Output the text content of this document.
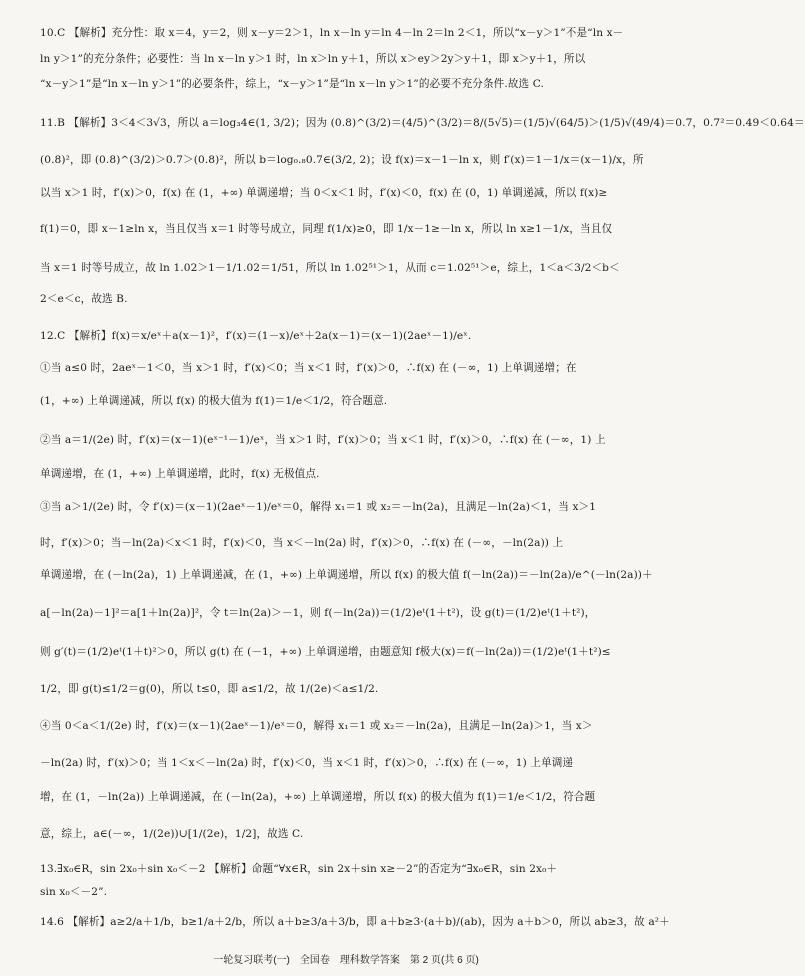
10.C 【解析】充分性：取 x＝4，y＝2，则 x－y＝2＞1，ln x－ln y＝ln 4－ln 2＝ln 2＜1，所以“x－y＞1”不是“ln x－
ln y＞1”的充分条件；必要性：当 ln x－ln y＞1 时，ln x＞ln y＋1，所以 x＞ey＞2y＞y＋1，即 x＞y＋1，所以
“x－y＞1”是“ln x－ln y＞1”的必要条件，综上，“x－y＞1”是“ln x－ln y＞1”的必要不充分条件.故选 C.
11.B 【解析】3＜4＜3√3，所以 a＝log₃4∈(1, 3/2)；因为 (0.8)^(3/2)＝(4/5)^(3/2)＝8/(5√5)＝(1/5)√(64/5)＞(1/5)√(49/4)＝0.7，0.7²＝0.49＜0.64＝
(0.8)²，即 (0.8)^(3/2)＞0.7＞(0.8)²，所以 b＝log₀.₈0.7∈(3/2, 2)；设 f(x)＝x－1－ln x，则 f′(x)＝1－1/x＝(x－1)/x，所
以当 x＞1 时，f′(x)＞0，f(x) 在 (1，+∞) 单调递增；当 0＜x＜1 时，f′(x)＜0，f(x) 在 (0，1) 单调递减，所以 f(x)≥
f(1)＝0，即 x－1≥ln x，当且仅当 x＝1 时等号成立，同理 f(1/x)≥0，即 1/x－1≥－ln x，所以 ln x≥1－1/x，当且仅
当 x＝1 时等号成立，故 ln 1.02＞1－1/1.02＝1/51，所以 ln 1.02⁵¹＞1，从而 c＝1.02⁵¹＞e，综上，1＜a＜3/2＜b＜
2＜e＜c，故选 B.
12.C 【解析】f(x)＝x/eˣ＋a(x－1)²，f′(x)＝(1－x)/eˣ＋2a(x－1)＝(x－1)(2aeˣ－1)/eˣ.
①当 a≤0 时，2aeˣ－1＜0，当 x＞1 时，f′(x)＜0；当 x＜1 时，f′(x)＞0，∴f(x) 在 (－∞，1) 上单调递增；在
(1，+∞) 上单调递减，所以 f(x) 的极大值为 f(1)＝1/e＜1/2，符合题意.
②当 a＝1/(2e) 时，f′(x)＝(x－1)(eˣ⁻¹－1)/eˣ，当 x＞1 时，f′(x)＞0；当 x＜1 时，f′(x)＞0，∴f(x) 在 (－∞，1) 上
单调递增，在 (1，+∞) 上单调递增，此时，f(x) 无极值点.
③当 a＞1/(2e) 时，令 f′(x)＝(x－1)(2aeˣ－1)/eˣ＝0，解得 x₁＝1 或 x₂＝－ln(2a)，且满足－ln(2a)＜1，当 x＞1
时，f′(x)＞0；当－ln(2a)＜x＜1 时，f′(x)＜0，当 x＜－ln(2a) 时，f′(x)＞0，∴f(x) 在 (－∞，－ln(2a)) 上
单调递增，在 (－ln(2a)，1) 上单调递减，在 (1，+∞) 上单调递增，所以 f(x) 的极大值 f(－ln(2a))＝－ln(2a)/e^(－ln(2a))＋
a[－ln(2a)－1]²＝a[1＋ln(2a)]²，令 t＝ln(2a)＞－1，则 f(－ln(2a))＝(1/2)eᵗ(1＋t²)，设 g(t)＝(1/2)eᵗ(1＋t²)，
则 g′(t)＝(1/2)eᵗ(1＋t)²＞0，所以 g(t) 在 (－1，+∞) 上单调递增，由题意知 f极大(x)＝f(－ln(2a))＝(1/2)eᵗ(1＋t²)≤
1/2，即 g(t)≤1/2＝g(0)，所以 t≤0，即 a≤1/2，故 1/(2e)＜a≤1/2.
④当 0＜a＜1/(2e) 时，f′(x)＝(x－1)(2aeˣ－1)/eˣ＝0，解得 x₁＝1 或 x₂＝－ln(2a)，且满足－ln(2a)＞1，当 x＞
－ln(2a) 时，f′(x)＞0；当 1＜x＜－ln(2a) 时，f′(x)＜0，当 x＜1 时，f′(x)＞0，∴f(x) 在 (－∞，1) 上单调递
增，在 (1，－ln(2a)) 上单调递减，在 (－ln(2a)，+∞) 上单调递增，所以 f(x) 的极大值为 f(1)＝1/e＜1/2，符合题
意，综上，a∈(－∞，1/(2e))∪[1/(2e)，1/2]，故选 C.
13.∃x₀∈R，sin 2x₀＋sin x₀＜－2 【解析】命题“∀x∈R，sin 2x＋sin x≥－2”的否定为“∃x₀∈R，sin 2x₀＋
sin x₀＜－2”.
14.6 【解析】a≥2/a＋1/b，b≥1/a＋2/b，所以 a＋b≥3/a＋3/b，即 a＋b≥3·(a＋b)/(ab)，因为 a＋b＞0，所以 ab≥3，故 a²＋
一轮复习联考(一)　全国卷　理科数学答案　第 2 页(共 6 页)
